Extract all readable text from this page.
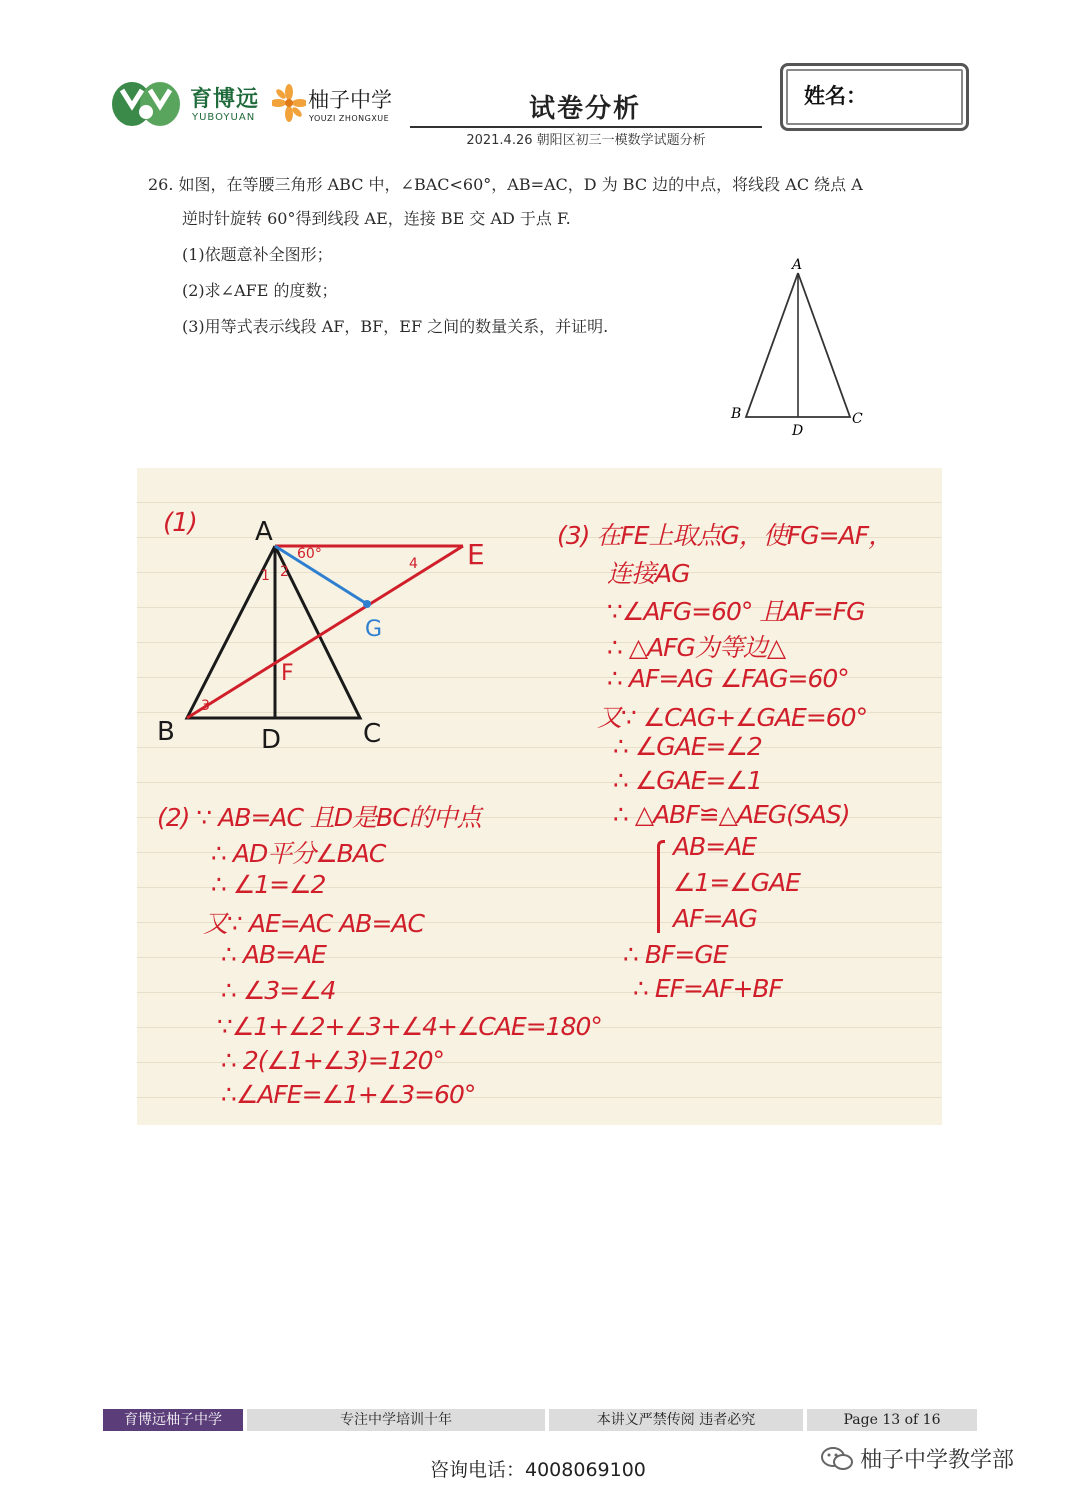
育博远
YUBOYUAN
柚子中学
YOUZI ZHONGXUE	试卷分析
2021.4.26 朝阳区初三一模数学试题分析
姓名：
26. 如图，在等腰三角形 ABC 中，∠BAC<60°，AB=AC，D 为 BC 边的中点，将线段 AC 绕点 A
逆时针旋转 60°得到线段 AE，连接 BE 交 AD 于点 F.
(1)依题意补全图形；
(2)求∠AFE 的度数；
(3)用等式表示线段 AF，BF，EF 之间的数量关系，并证明.
A
B	C
D
(1) A
B	C
D
E
F
G
60°
1 2
3
4
(2) ∵ AB=AC 且D是BC的中点
∴ AD平分∠BAC
∴ ∠1=∠2
又∵ AE=AC AB=AC
∴ AB=AE
∴ ∠3=∠4
∵∠1+∠2+∠3+∠4+∠CAE=180°
∴ 2(∠1+∠3)=120°
∴∠AFE=∠1+∠3=60°
(3) 在FE上取点G，使FG=AF，
连接AG
∵∠AFG=60° 且AF=FG
∴ △AFG为等边△
∴ AF=AG ∠FAG=60°
又∵ ∠CAG+∠GAE=60°
∴ ∠GAE=∠2
∴ ∠GAE=∠1
∴ △ABF≌△AEG(SAS)
AB=AE
∠1=∠GAE
AF=AG
∴ BF=GE
∴ EF=AF+BF
育博远柚子中学	专注中学培训十年	本讲义严禁传阅 违者必究	Page 13 of 16
咨询电话：4008069100	柚子中学教学部
